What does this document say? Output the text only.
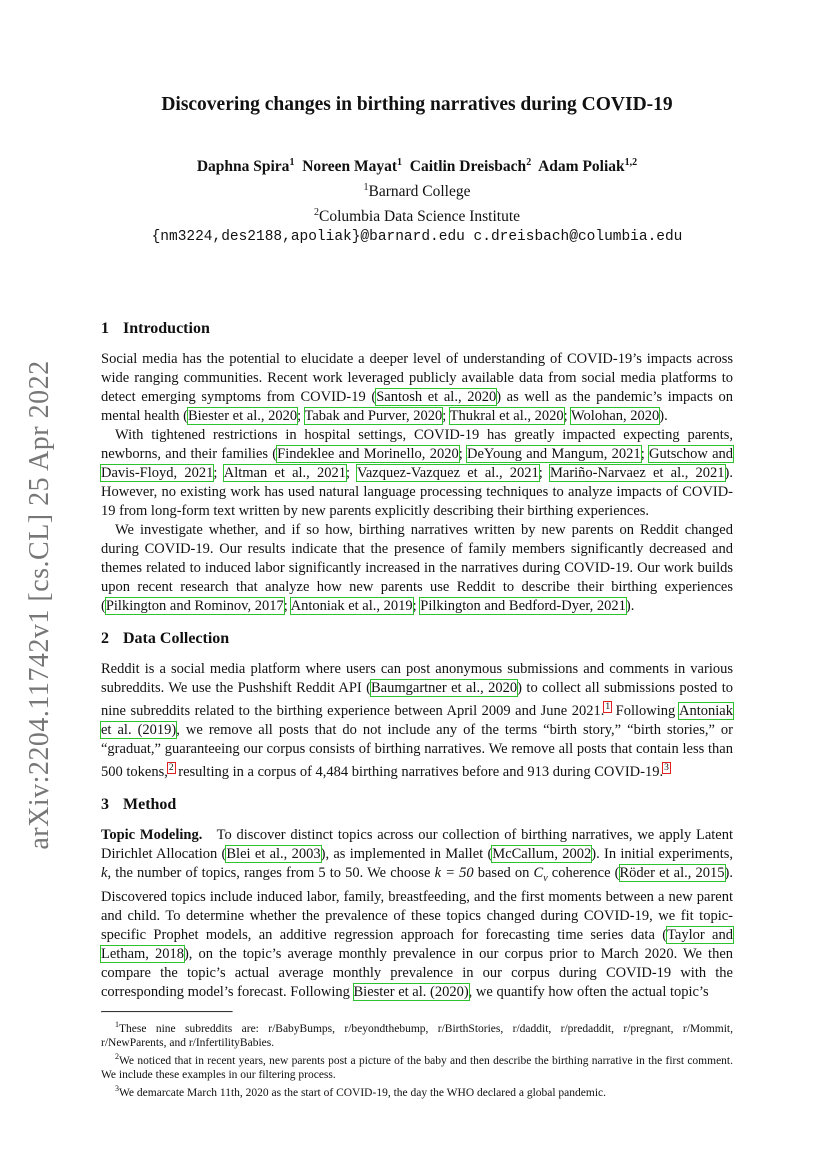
arXiv:2204.11742v1 [cs.CL] 25 Apr 2022
Discovering changes in birthing narratives during COVID-19
Daphna Spira$^1$ Noreen Mayat$^1$ Caitlin Dreisbach$^2$ Adam Poliak$^{1,2}$
$^1$Barnard College
$^2$Columbia Data Science Institute
{nm3224,des2188,apoliak}@barnard.edu c.dreisbach@columbia.edu
1 Introduction

Social media has the potential to elucidate a deeper level of understanding of COVID-19’s impacts across wide ranging communities. Recent work leveraged publicly available data from social media platforms to detect emerging symptoms from COVID-19 (Santosh et al., 2020) as well as the pandemic’s impacts on mental health (Biester et al., 2020; Tabak and Purver, 2020; Thukral et al., 2020; Wolohan, 2020).

With tightened restrictions in hospital settings, COVID-19 has greatly impacted expecting parents, newborns, and their families (Findeklee and Morinello, 2020; DeYoung and Mangum, 2021; Gutschow and Davis-Floyd, 2021; Altman et al., 2021; Vazquez-Vazquez et al., 2021; Mariño-Narvaez et al., 2021). However, no existing work has used natural language processing techniques to analyze impacts of COVID-19 from long-form text written by new parents explicitly describing their birthing experiences.

We investigate whether, and if so how, birthing narratives written by new parents on Reddit changed during COVID-19. Our results indicate that the presence of family members significantly decreased and themes related to induced labor significantly increased in the narratives during COVID-19. Our work builds upon recent research that analyze how new parents use Reddit to describe their birthing experiences (Pilkington and Rominov, 2017; Antoniak et al., 2019; Pilkington and Bedford-Dyer, 2021).

2 Data Collection

Reddit is a social media platform where users can post anonymous submissions and comments in various subreddits. We use the Pushshift Reddit API (Baumgartner et al., 2020) to collect all submissions posted to nine subreddits related to the birthing experience between April 2009 and June 2021.$^1$ Following Antoniak et al. (2019), we remove all posts that do not include any of the terms “birth story,” “birth stories,” or “graduat,” guaranteeing our corpus consists of birthing narratives. We remove all posts that contain less than 500 tokens,$^2$ resulting in a corpus of 4,484 birthing narratives before and 913 during COVID-19.$^3$

3 Method

Topic Modeling. To discover distinct topics across our collection of birthing narratives, we apply Latent Dirichlet Allocation (Blei et al., 2003), as implemented in Mallet (McCallum, 2002). In initial experiments, k, the number of topics, ranges from 5 to 50. We choose k = 50 based on $C_v$ coherence (Röder et al., 2015). Discovered topics include induced labor, family, breastfeeding, and the first moments between a new parent and child. To determine whether the prevalence of these topics changed during COVID-19, we fit topic-specific Prophet models, an additive regression approach for forecasting time series data (Taylor and Letham, 2018), on the topic’s average monthly prevalence in our corpus prior to March 2020. We then compare the topic’s actual average monthly prevalence in our corpus during COVID-19 with the corresponding model’s forecast. Following Biester et al. (2020), we quantify how often the actual topic’s

$^1$These nine subreddits are: r/BabyBumps, r/beyondthebump, r/BirthStories, r/daddit, r/predaddit, r/pregnant, r/Mommit, r/NewParents, and r/InfertilityBabies.

$^2$We noticed that in recent years, new parents post a picture of the baby and then describe the birthing narrative in the first comment. We include these examples in our filtering process.

$^3$We demarcate March 11th, 2020 as the start of COVID-19, the day the WHO declared a global pandemic.
